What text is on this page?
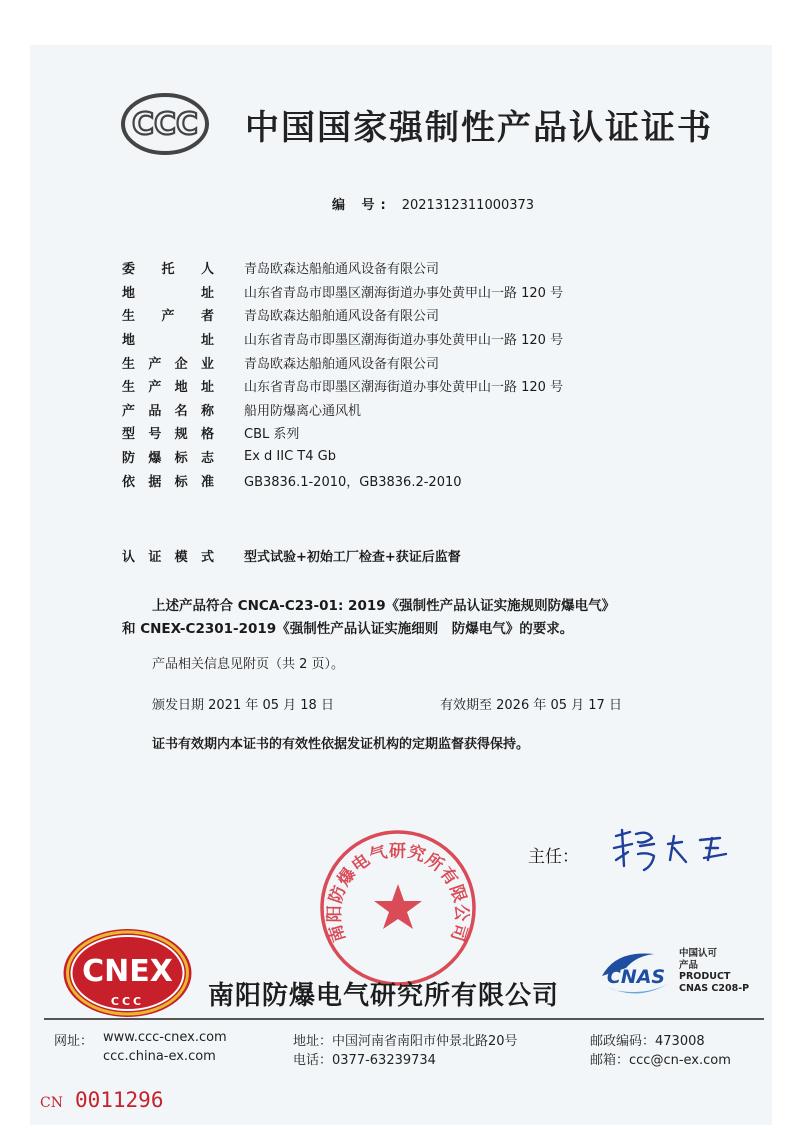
CCC 中国国家强制性产品认证证书
编 号: 2021312311000373
委托人 青岛欧森达船舶通风设备有限公司
地址 山东省青岛市即墨区潮海街道办事处黄甲山一路 120 号
生产者 青岛欧森达船舶通风设备有限公司
地址 山东省青岛市即墨区潮海街道办事处黄甲山一路 120 号
生产企业 青岛欧森达船舶通风设备有限公司
生产地址 山东省青岛市即墨区潮海街道办事处黄甲山一路 120 号
产品名称 船用防爆离心通风机
型号规格 CBL 系列
防爆标志 Ex d IIC T4 Gb
依据标准 GB3836.1-2010，GB3836.2-2010
认证模式 型式试验+初始工厂检查+获证后监督
上述产品符合 CNCA-C23-01: 2019《强制性产品认证实施规则防爆电气》
和 CNEX-C2301-2019《强制性产品认证实施细则　防爆电气》的要求。
产品相关信息见附页（共 2 页）。
颁发日期 2021 年 05 月 18 日	有效期至 2026 年 05 月 17 日
证书有效期内本证书的有效性依据发证机构的定期监督获得保持。
南阳防爆电气研究所有限公司
主任：
CNEX
CCC 南阳防爆电气研究所有限公司
CNAS
中国认可
产品
PRODUCT
CNAS C208-P
网址： www.ccc-cnex.com
ccc.china-ex.com
地址：中国河南省南阳市仲景北路20号
电话：0377-63239734
邮政编码：473008
邮箱：ccc@cn-ex.com
CN 0011296
